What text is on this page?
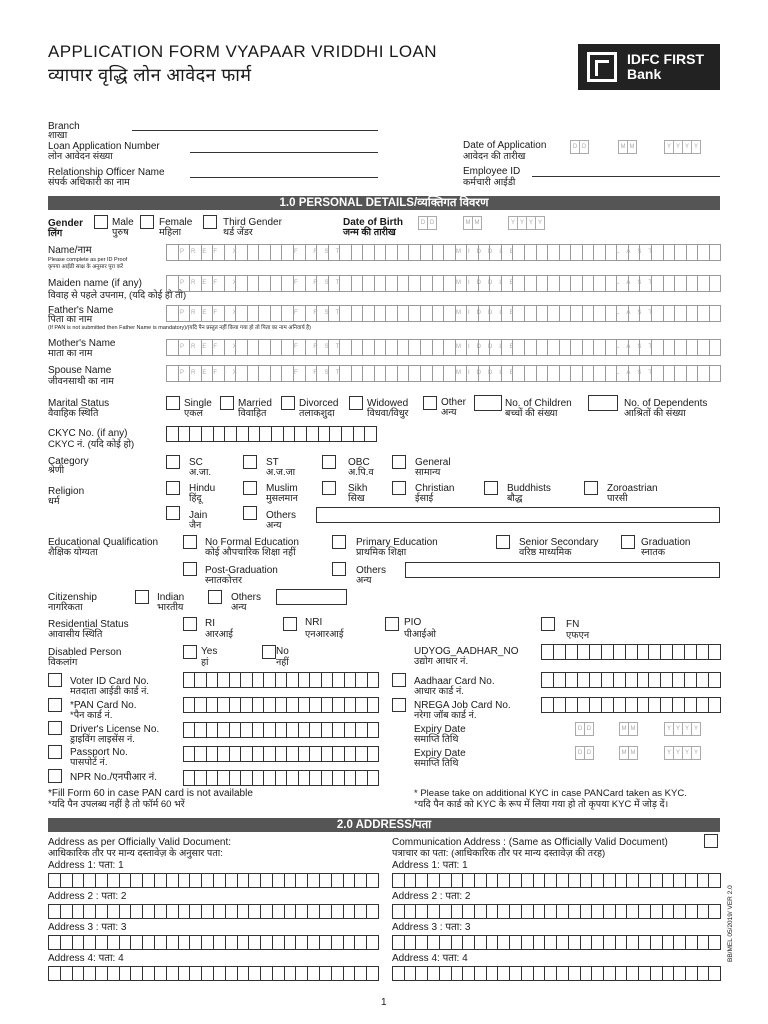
APPLICATION FORM VYAPAAR VRIDDHI LOAN
व्यापार वृद्धि लोन आवेदन फार्म
IDFC FIRST
Bank
Branch
शाखा
Loan Application Number
लोन आवेदन संख्या
Relationship Officer Name
संपर्क अधिकारी का नाम
Date of Application
आवेदन की तारीख
D D	M M	Y Y Y Y
Employee ID
कर्मचारी आईडी
1.0 PERSONAL DETAILS/व्यक्तिगत विवरण
Gender
लिंग
Male
पुरुष
Female
महिला
Third Gender
थर्ड जेंडर
Date of Birth
जन्म की तारीख
D D	M M	Y Y Y Y
Name/नाम
Please complete as per ID Proof
कृपया आईडी साक्ष के अनुसार पूरा करें
PREFIX	FIRST	MIDDLE	LAST
Maiden name (if any)
विवाह से पहले उपनाम, (यदि कोई हो तो)
PREFIX	FIRST	MIDDLE	LAST
Father's Name
पिता का नाम
(If PAN is not submitted then Father Name is mandatory)/(यदि पैन प्रस्तुत नहीं किया गया हो तो पिता का नाम अनिवार्य है)
PREFIX	FIRST	MIDDLE	LAST
Mother's Name
माता का नाम
PREFIX	FIRST	MIDDLE	LAST
Spouse Name
जीवनसाथी का नाम
PREFIX	FIRST	MIDDLE	LAST
Marital Status
वैवाहिक स्थिति
Single
एकल
Married
विवाहित
Divorced
तलाकशुदा
Widowed
विधवा/विधुर
Other
अन्य
No. of Children
बच्चों की संख्या
No. of Dependents
आश्रितों की संख्या
CKYC No. (if any)
CKYC नं. (यदि कोई हो)
Category
श्रेणी
SC
अ.जा.
ST
अ.ज.जा
OBC
अ.पि.व
General
सामान्य
Religion
धर्म
Hindu
हिंदू
Muslim
मुसलमान
Sikh
सिख
Christian
ईसाई
Buddhists
बौद्ध
Zoroastrian
पारसी
Jain
जैन
Others
अन्य
Educational Qualification
शैक्षिक योग्यता
No Formal Education
कोई औपचारिक शिक्षा नहीं
Primary Education
प्राथमिक शिक्षा
Senior Secondary
वरिष्ठ माध्यमिक
Graduation
स्नातक
Post-Graduation
स्नातकोत्तर
Others
अन्य
Citizenship
नागरिकता
Indian
भारतीय
Others
अन्य
Residential Status
आवासीय स्थिति
RI
आरआई
NRI
एनआरआई
PIO
पीआईओ
FN
एफएन
Disabled Person
विकलांग
Yes
हां
No
नहीं
UDYOG_AADHAR_NO
उद्योग आधार नं.
Voter ID Card No.
मतदाता आईडी कार्ड नं.
*PAN Card No.
*पैन कार्ड नं.
Driver's License No.
ड्राइविंग लाइसेंस नं.
Passport No.
पासपोर्ट नं.
NPR No./एनपीआर नं.
*Fill Form 60 in case PAN card is not available
*यदि पैन उपलब्ध नहीं है तो फॉर्म 60 भरें
Aadhaar Card No.
आधार कार्ड नं.
NREGA Job Card No.
नरेगा जॉब कार्ड नं.
Expiry Date
समाप्ति तिथि
D D	M M	Y Y Y Y
Expiry Date
समाप्ति तिथि
D D	M M	Y Y Y Y
* Please take on additional KYC in case PANCard taken as KYC.
*यदि पैन कार्ड को KYC के रूप में लिया गया हो तो कृपया KYC में जोड़ दें।
2.0 ADDRESS/पता
Address as per Officially Valid Document:
आधिकारिक तौर पर मान्य दस्तावेज़ के अनुसार पता:
Communication Address : (Same as Officially Valid Document)
पत्राचार का पता: (आधिकारिक तौर पर मान्य दस्तावेज़ की तरह)
Address 1: पता: 1
Address 2 : पता: 2
Address 3 : पता: 3
Address 4: पता: 4
Address 1: पता: 1
Address 2 : पता: 2
Address 3 : पता: 3
Address 4: पता: 4	BB/MEL 05/2019/ VER 2.0
1
